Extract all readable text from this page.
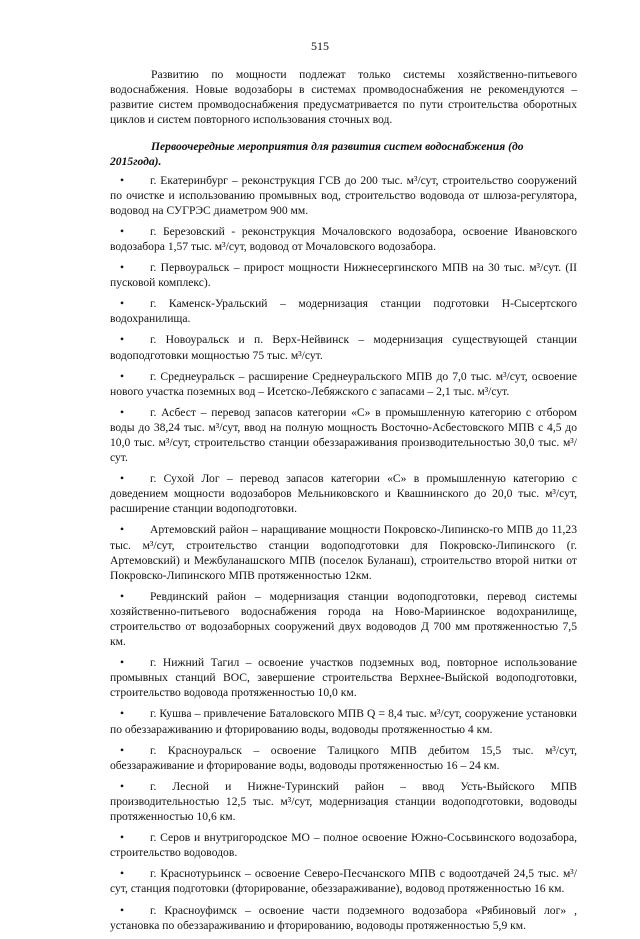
515

Развитию по мощности подлежат только системы хозяйственно-питьевого водоснабжения. Новые водозаборы в системах промводоснабжения не рекомендуются – развитие систем промводоснабжения предусматривается по пути строительства оборотных циклов и систем повторного использования сточных вод.

Первоочередные мероприятия для развития систем водоснабжения (до 2015года).

• г. Екатеринбург – реконструкция ГСВ до 200 тыс. м³/сут, строительство сооружений по очистке и использованию промывных вод, строительство водовода от шлюза-регулятора, водовод на СУГРЭС диаметром 900 мм.
• г. Березовский - реконструкция Мочаловского водозабора, освоение Ивановского водозабора 1,57 тыс. м³/сут, водовод от Мочаловского водозабора.
• г. Первоуральск – прирост мощности Нижнесергинского МПВ на 30 тыс. м³/сут. (II пусковой комплекс).
• г. Каменск-Уральский – модернизация станции подготовки Н-Сысертского водохранилища.
• г. Новоуральск и п. Верх-Нейвинск – модернизация существующей станции водоподготовки мощностью 75 тыс. м³/сут.
• г. Среднеуральск – расширение Среднеуральского МПВ до 7,0 тыс. м³/сут, освоение нового участка поземных вод – Исетско-Лебяжского с запасами – 2,1 тыс. м³/сут.
• г. Асбест – перевод запасов категории «С» в промышленную категорию с отбором воды до 38,24 тыс. м³/сут, ввод на полную мощность Восточно-Асбестовского МПВ с 4,5 до 10,0 тыс. м³/сут, строительство станции обеззараживания производительностью 30,0 тыс. м³/сут.
• г. Сухой Лог – перевод запасов категории «С» в промышленную категорию с доведением мощности водозаборов Мельниковского и Квашнинского до 20,0 тыс. м³/сут, расширение станции водоподготовки.
• Артемовский район – наращивание мощности Покровско-Липинско-го МПВ до 11,23 тыс. м³/сут, строительство станции водоподготовки для Покровско-Липинского (г. Артемовский) и Межбуланашского МПВ (поселок Буланаш), строительство второй нитки от Покровско-Липинского МПВ протяженностью 12км.
• Ревдинский район – модернизация станции водоподготовки, перевод системы хозяйственно-питьевого водоснабжения города на Ново-Мариинское водохранилище, строительство от водозаборных сооружений двух водоводов Д 700 мм протяженностью 7,5 км.
• г. Нижний Тагил – освоение участков подземных вод, повторное использование промывных станций ВОС, завершение строительства Верхнее-Выйской водоподготовки, строительство водовода протяженностью 10,0 км.
• г. Кушва – привлечение Баталовского МПВ Q = 8,4 тыс. м³/сут, сооружение установки по обеззараживанию и фторированию воды, водоводы протяженностью 4 км.
• г. Красноуральск – освоение Талицкого МПВ дебитом 15,5 тыс. м³/сут, обеззараживание и фторирование воды, водоводы протяженностью 16 – 24 км.
• г. Лесной и Нижне-Туринский район – ввод Усть-Выйского МПВ производительностью 12,5 тыс. м³/сут, модернизация станции водоподготовки, водоводы протяженностью 10,6 км.
• г. Серов и внутригородское МО – полное освоение Южно-Сосьвинского водозабора, строительство водоводов.
• г. Краснотурьинск – освоение Северо-Песчанского МПВ с водоотдачей 24,5 тыс. м³/сут, станция подготовки (фторирование, обеззараживание), водовод протяженностью 16 км.
• г. Красноуфимск – освоение части подземного водозабора «Рябиновый лог» , установка по обеззараживанию и фторированию, водоводы протяженностью 5,9 км.
